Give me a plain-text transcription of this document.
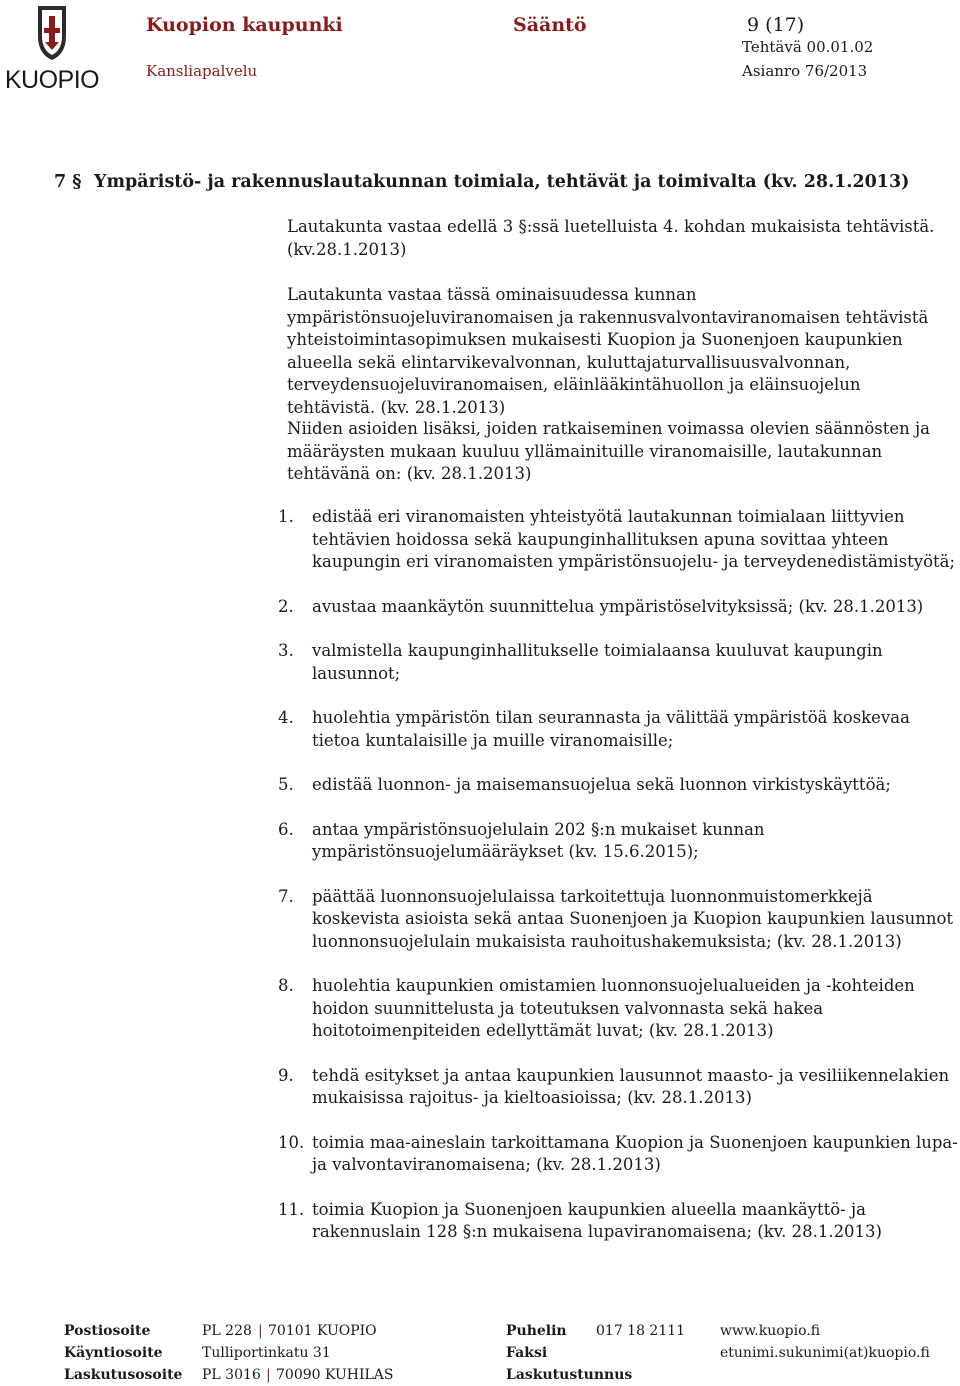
KUOPIO
Kuopion kaupunki	Sääntö	9 (17)
Tehtävä 00.01.02
Kansliapalvelu	Asianro 76/2013
7 § Ympäristö- ja rakennuslautakunnan toimiala, tehtävät ja toimivalta (kv. 28.1.2013)
Lautakunta vastaa edellä 3 §:ssä luetelluista 4. kohdan mukaisista tehtävistä. (kv.28.1.2013)
Lautakunta vastaa tässä ominaisuudessa kunnan ympäristönsuojeluviranomaisen ja rakennusvalvontaviranomaisen tehtävistä yhteistoimintasopimuksen mukaisesti Kuopion ja Suonenjoen kaupunkien alueella sekä elintarvikevalvonnan, kuluttajaturvallisuusvalvonnan, terveydensuojeluviranomaisen, eläinlääkintähuollon ja eläinsuojelun tehtävistä. (kv. 28.1.2013)
Niiden asioiden lisäksi, joiden ratkaiseminen voimassa olevien säännösten ja määräysten mukaan kuuluu yllämainituille viranomaisille, lautakunnan tehtävänä on: (kv. 28.1.2013)
1.	edistää eri viranomaisten yhteistyötä lautakunnan toimialaan liittyvien tehtävien hoidossa sekä kaupunginhallituksen apuna sovittaa yhteen kaupungin eri viranomaisten ympäristönsuojelu- ja terveydenedistämistyötä;
2.	avustaa maankäytön suunnittelua ympäristöselvityksissä; (kv. 28.1.2013)
3.	valmistella kaupunginhallitukselle toimialaansa kuuluvat kaupungin lausunnot;
4.	huolehtia ympäristön tilan seurannasta ja välittää ympäristöä koskevaa tietoa kuntalaisille ja muille viranomaisille;
5.	edistää luonnon- ja maisemansuojelua sekä luonnon virkistyskäyttöä;
6.	antaa ympäristönsuojelulain 202 §:n mukaiset kunnan ympäristönsuojelumääräykset (kv. 15.6.2015);
7.	päättää luonnonsuojelulaissa tarkoitettuja luonnonmuistomerkkejä koskevista asioista sekä antaa Suonenjoen ja Kuopion kaupunkien lausunnot luonnonsuojelulain mukaisista rauhoitushakemuksista; (kv. 28.1.2013)
8.	huolehtia kaupunkien omistamien luonnonsuojelualueiden ja -kohteiden hoidon suunnittelusta ja toteutuksen valvonnasta sekä hakea hoitotoimenpiteiden edellyttämät luvat; (kv. 28.1.2013)
9.	tehdä esitykset ja antaa kaupunkien lausunnot maasto- ja vesiliikennelakien mukaisissa rajoitus- ja kieltoasioissa; (kv. 28.1.2013)
10. toimia maa-aineslain tarkoittamana Kuopion ja Suonenjoen kaupunkien lupa- ja valvontaviranomaisena; (kv. 28.1.2013)
11. toimia Kuopion ja Suonenjoen kaupunkien alueella maankäyttö- ja rakennuslain 128 §:n mukaisena lupaviranomaisena; (kv. 28.1.2013)
Postiosoite	PL 228 | 70101 KUOPIO	Puhelin 017 18 2111 www.kuopio.fi
Käyntiosoite	Tulliportinkatu 31	Faksi	etunimi.sukunimi(at)kuopio.fi
Laskutusosoite PL 3016 | 70090 KUHILAS	Laskutustunnus
